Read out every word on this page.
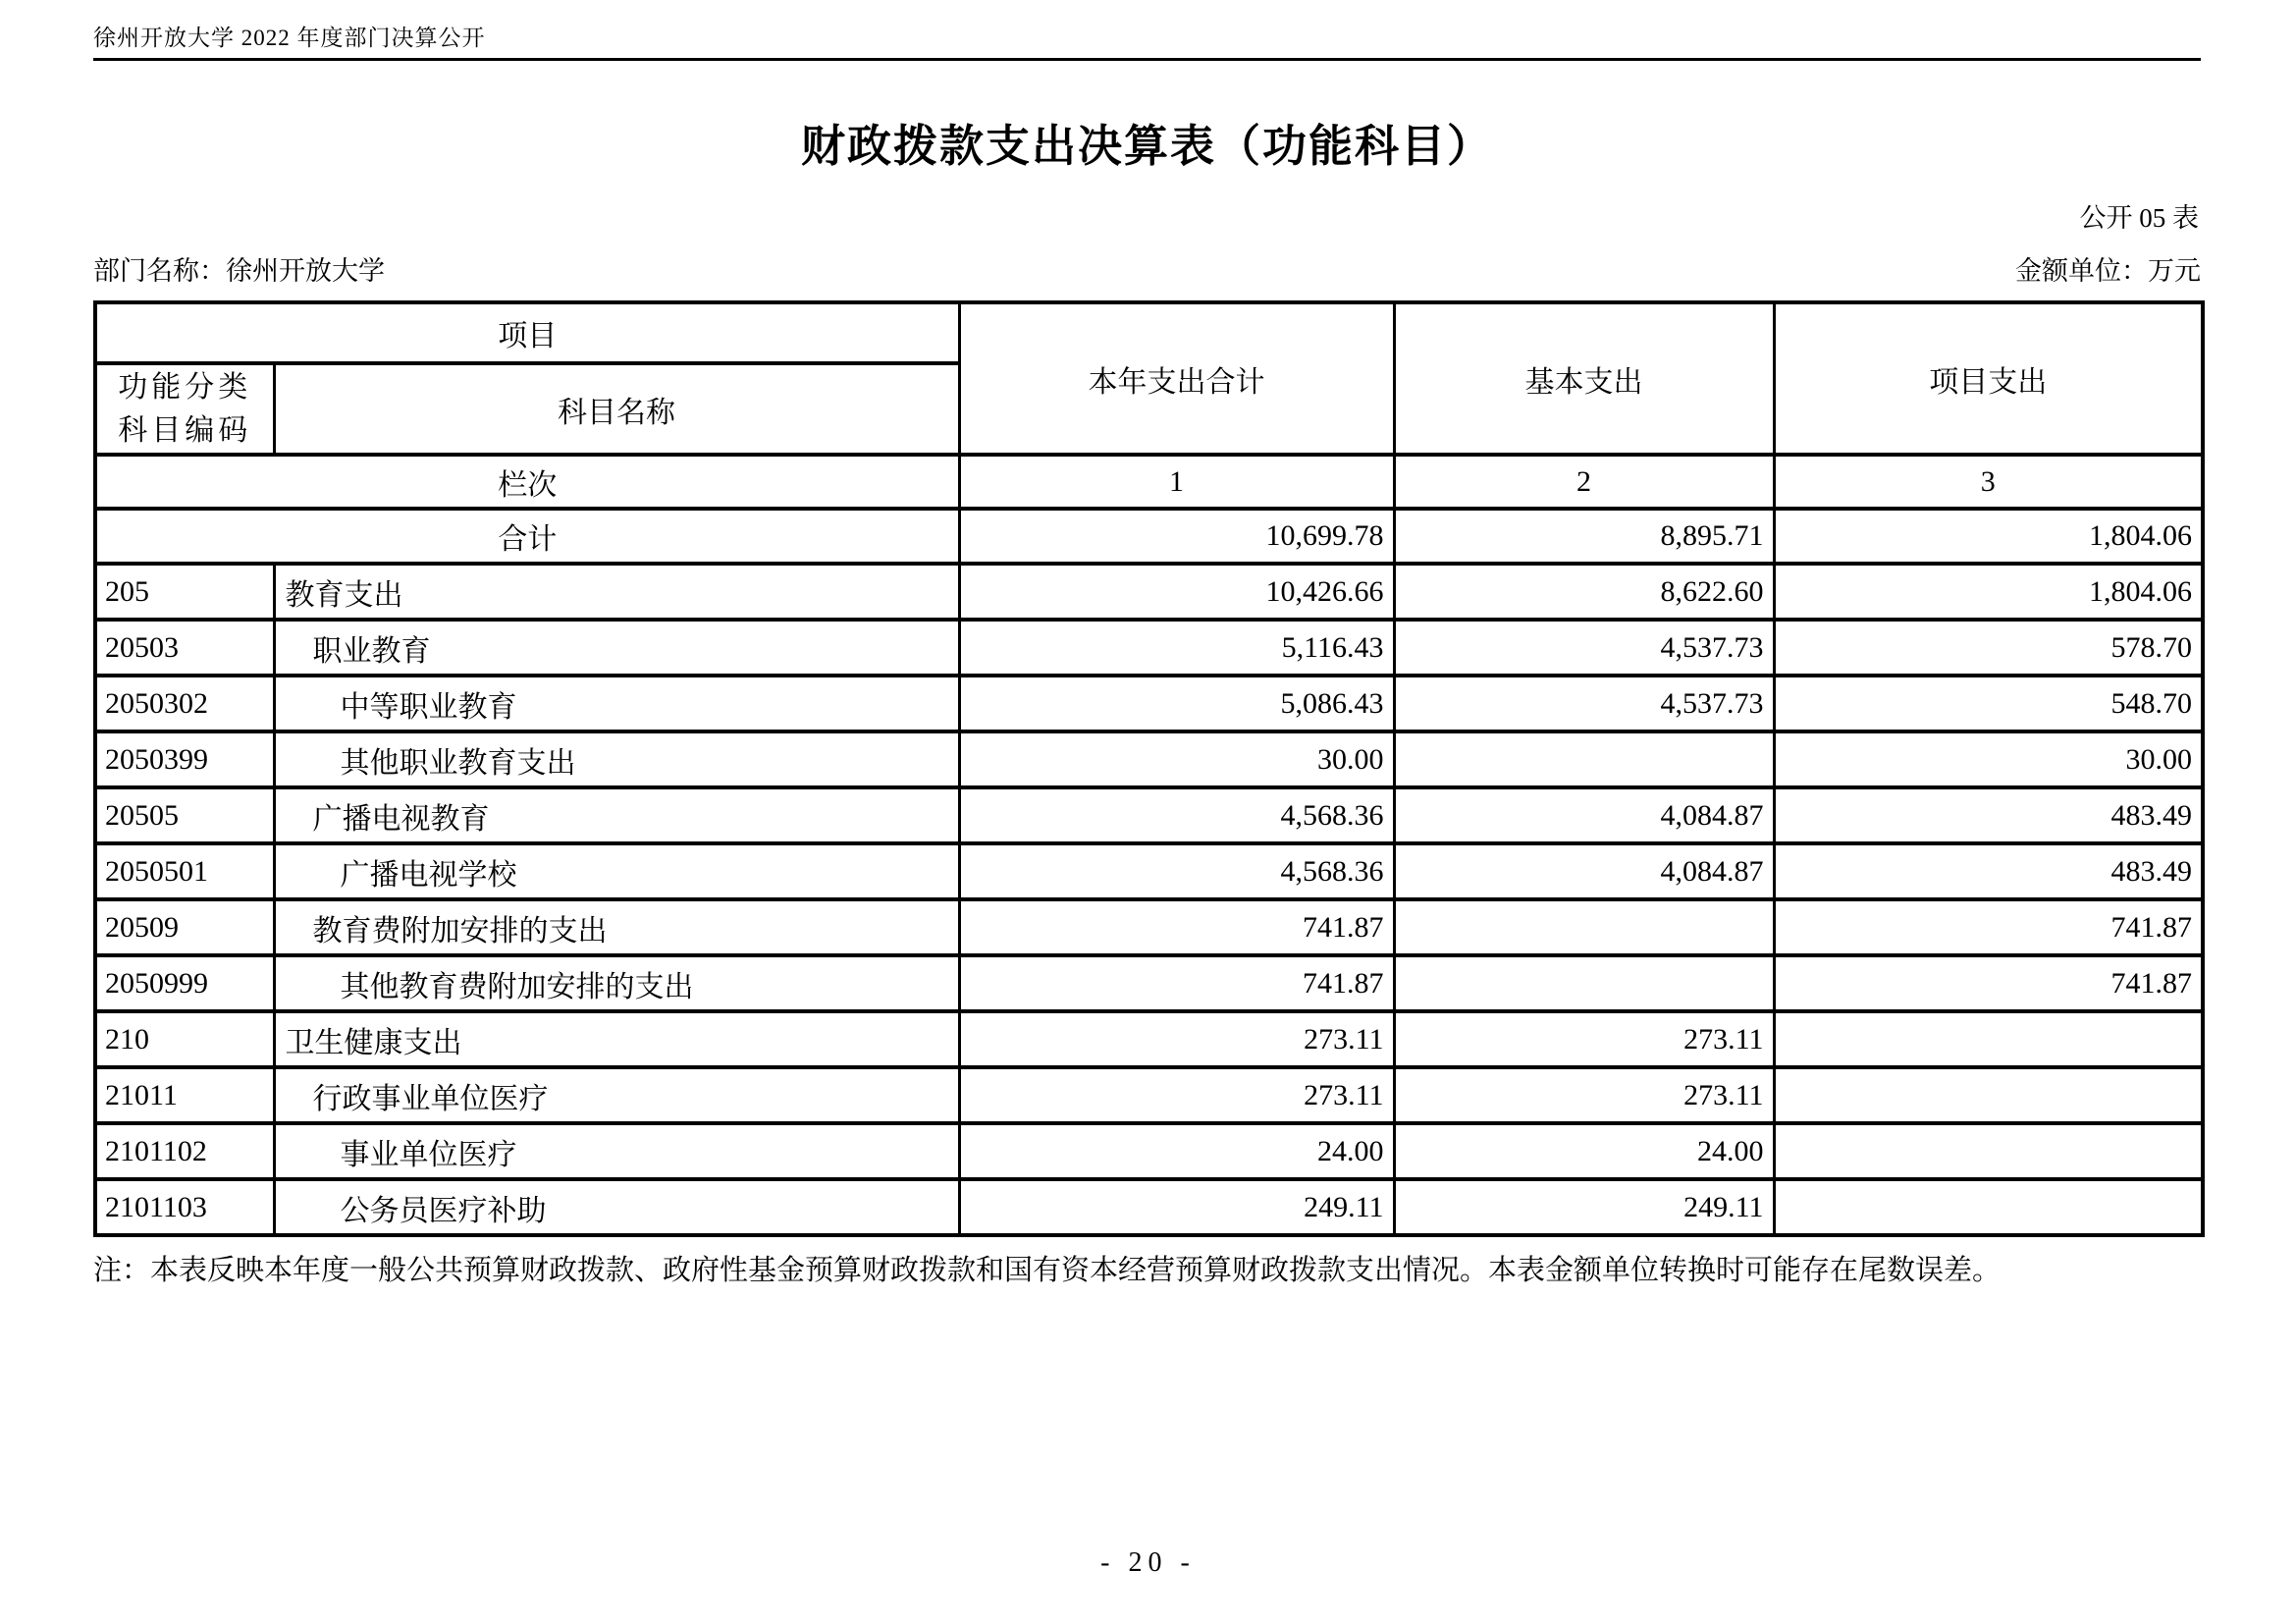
徐州开放大学 2022 年度部门决算公开
财政拨款支出决算表（功能科目）
公开 05 表
部门名称：徐州开放大学	金额单位：万元
项目		本年支出合计	基本支出	项目支出

功能分类
科目编码	科目名称			
栏次		1	2	3
合计		10,699.78	8,895.71	1,804.06
205	教育支出	10,426.66	8,622.60	1,804.06
20503	职业教育	5,116.43	4,537.73	578.70
2050302	中等职业教育	5,086.43	4,537.73	548.70
2050399	其他职业教育支出	30.00		30.00
20505	广播电视教育	4,568.36	4,084.87	483.49
2050501	广播电视学校	4,568.36	4,084.87	483.49
20509	教育费附加安排的支出	741.87		741.87
2050999	其他教育费附加安排的支出	741.87		741.87
210	卫生健康支出	273.11	273.11	
21011	行政事业单位医疗	273.11	273.11	
2101102	事业单位医疗	24.00	24.00	
2101103	公务员医疗补助	249.11	249.11	
注：本表反映本年度一般公共预算财政拨款、政府性基金预算财政拨款和国有资本经营预算财政拨款支出情况。本表金额单位转换时可能存在尾数误差。
- 20 -
